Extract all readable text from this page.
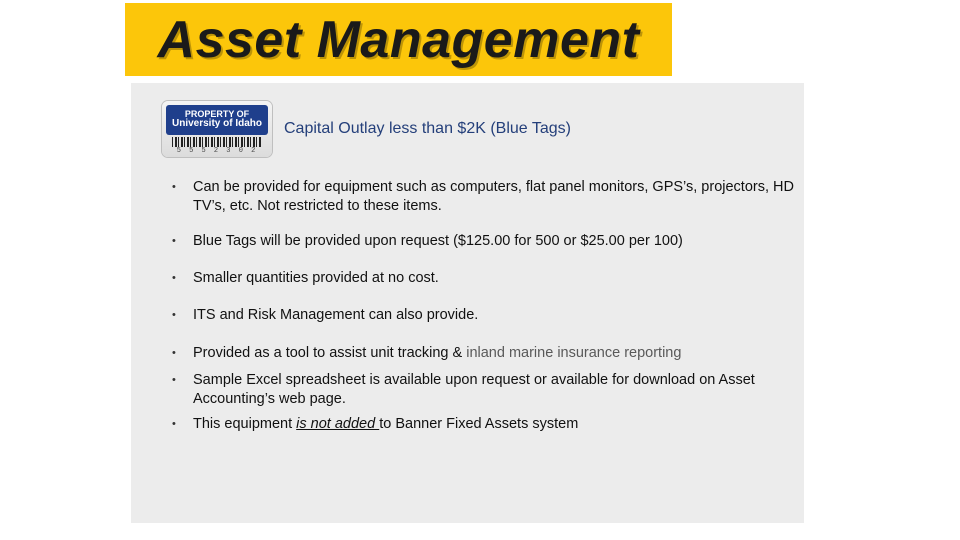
Asset Management
PROPERTY OF
University of Idaho
5 5 5 2 3 0 2
Capital Outlay less than $2K (Blue Tags)
• Can be provided for equipment such as computers, flat panel monitors, GPS’s, projectors, HD TV’s, etc. Not restricted to these items.
• Blue Tags will be provided upon request ($125.00 for 500 or $25.00 per 100)
• Smaller quantities provided at no cost.
• ITS and Risk Management can also provide.
• Provided as a tool to assist unit tracking & inland marine insurance reporting
• Sample Excel spreadsheet is available upon request or available for download on Asset Accounting’s web page.
• This equipment is not added to Banner Fixed Assets system
